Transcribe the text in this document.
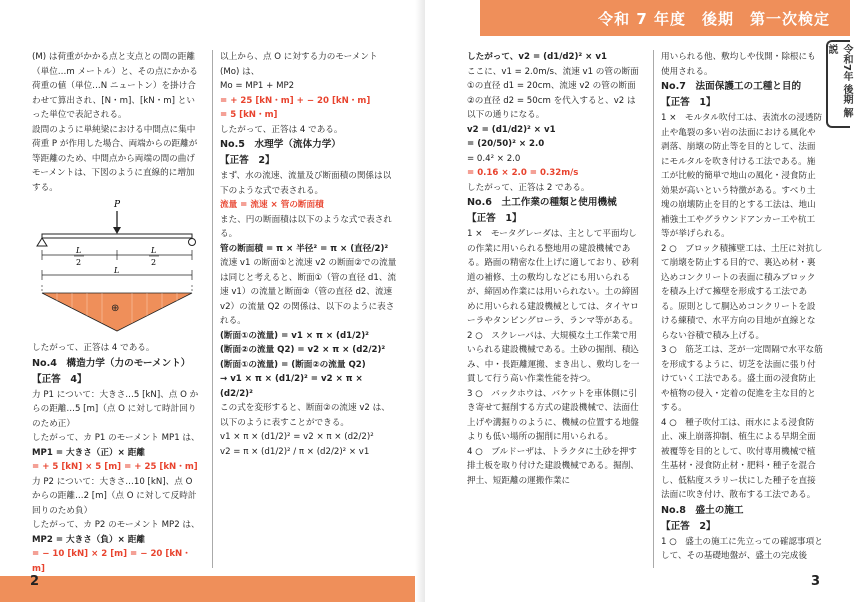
2

(M) は荷重がかかる点と支点との間の距離（単位…m メートル）と、その点にかかる荷重の値（単位…N ニュートン）を掛け合わせて算出され、[N・m]、[kN・m] といった単位で表記される。

設問のように単純梁における中間点に集中荷重 P が作用した場合、両端からの距離が等距離のため、中間点から両端の間の曲げモーメントは、下図のように直線的に増加する。

P
L
2
L
2
L
⊕

したがって、正答は 4 である。

No.4　構造力学（力のモーメント）

【正答　4】

力 P1 について：大きさ…5 [kN]、点 O からの距離…5 [m]（点 O に対して時計回りのため正）

したがって、カ P1 のモーメント MP1 は、

MP1 = 大きさ（正）× 距離

= + 5 [kN] × 5 [m] = + 25 [kN・m]

力 P2 について：大きさ…10 [kN]、点 O からの距離…2 [m]（点 O に対して反時計回りのため負）

したがって、カ P2 のモーメント MP2 は、

MP2 = 大きさ（負）× 距離

= − 10 [kN] × 2 [m] = − 20 [kN・m]

以上から、点 O に対する力のモーメント (Mo) は、

Mo = MP1 + MP2

= + 25 [kN・m] + − 20 [kN・m]

= 5 [kN・m]

したがって、正答は 4 である。

No.5　水理学（流体力学）

【正答　2】

まず、水の流速、流量及び断面積の関係は以下のような式で表される。

流量 = 流速 × 管の断面積

また、円の断面積は以下のような式で表される。

管の断面積 = π × 半径² = π × (直径/2)²

流速 v1 の断面①と流速 v2 の断面②での流量は同じと考えると、断面①（管の直径 d1、流速 v1）の流量と断面②（管の直径 d2、流速 v2）の流量 Q2 の関係は、以下のように表される。

(断面①の流量) = v1 × π × (d1/2)²

(断面②の流量 Q2) = v2 × π × (d2/2)²

(断面①の流量) = (断面②の流量 Q2)

→ v1 × π × (d1/2)² = v2 × π × (d2/2)²

この式を変形すると、断面②の流速 v2 は、以下のように表すことができる。

v1 × π × (d1/2)² = v2 × π × (d2/2)²

v2 = π × (d1/2)² / π × (d2/2)² × v1

3

したがって、v2 = (d1/d2)² × v1

ここに、v1 = 2.0m/s、流速 v1 の管の断面①の直径 d1 = 20cm、流速 v2 の管の断面②の直径 d2 = 50cm を代入すると、v2 は以下の通りになる。

v2 = (d1/d2)² × v1

= (20/50)² × 2.0

= 0.4² × 2.0

= 0.16 × 2.0 = 0.32m/s

したがって、正答は 2 である。

No.6　土工作業の種類と使用機械

【正答　1】

1 ×　モータグレーダは、主として平面均しの作業に用いられる整地用の建設機械である。路面の精密な仕上げに適しており、砂利道の補修、土の敷均しなどにも用いられるが、締固め作業には用いられない。土の締固めに用いられる建設機械としては、タイヤローラやタンピングローラ、ランマ等がある。

2 ○　スクレーパは、大規模な土工作業で用いられる建設機械である。土砂の掘削、積込み、中・長距離運搬、まき出し、敷均しを一貫して行う高い作業性能を持つ。

3 ○　バックホウは、バケットを車体側に引き寄せて掘削する方式の建設機械で、法面仕上げや溝掘りのように、機械の位置する地盤よりも低い場所の掘削に用いられる。

4 ○　ブルドーザは、トラクタに土砂を押す排土板を取り付けた建設機械である。掘削、押土、短距離の運搬作業に

用いられる他、敷均しや伐開・除根にも使用される。

No.7　法面保護工の工種と目的

【正答　1】

1 ×　モルタル吹付工は、表流水の浸透防止や亀裂の多い岩の法面における風化や剥落、崩壊の防止等を目的として、法面にモルタルを吹き付ける工法である。施工が比較的簡単で地山の風化・浸食防止効果が高いという特徴がある。すべり土塊の崩壊防止を目的とする工法は、地山補強土工やグラウンドアンカー工や杭工等が挙げられる。

2 ○　ブロック積擁壁工は、土圧に対抗して崩壊を防止する目的で、裏込め材・裏込めコンクリートの表面に積みブロックを積み上げて擁壁を形成する工法である。原則として胴込めコンクリートを設ける練積で、水平方向の目地が直線とならない谷積で積み上げる。

3 ○　筋芝工は、芝が一定間隔で水平な筋を形成するように、切芝を法面に張り付けていく工法である。盛土面の浸食防止や植物の侵入・定着の促進を主な目的とする。

4 ○　種子吹付工は、雨水による浸食防止、凍上崩落抑制、植生による早期全面被覆等を目的として、吹付専用機械で植生基材・浸食防止材・肥料・種子を混合し、低粘度スラリー状にした種子を直接法面に吹き付け、散布する工法である。

No.8　盛土の施工

【正答　2】

1 ○　盛土の施工に先立っての確認事項として、その基礎地盤が、盛土の完成後

令和 7 年度　後期　第一次検定
令和7年 後期 解説
